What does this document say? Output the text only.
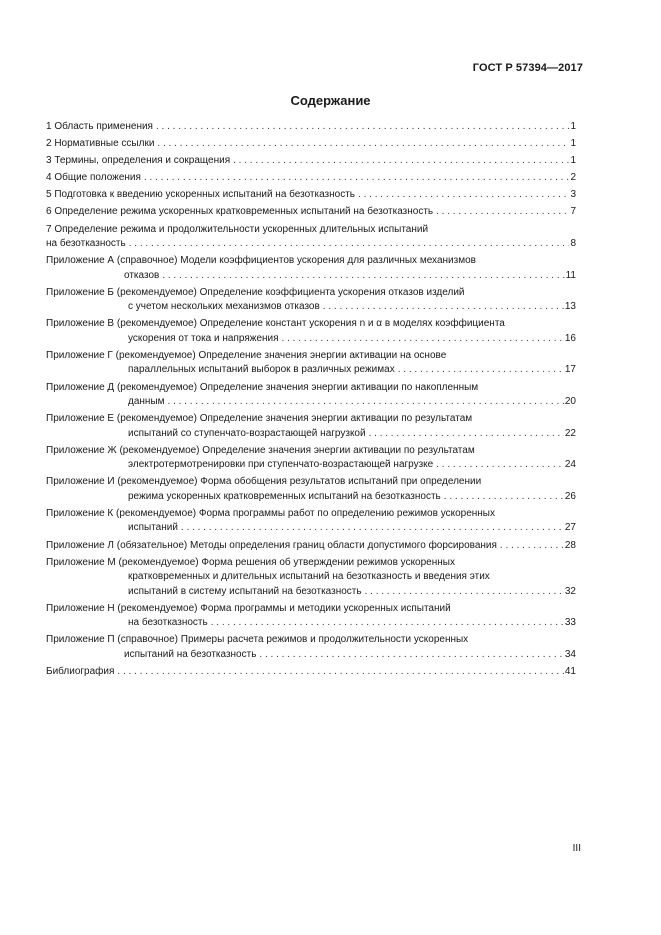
ГОСТ Р 57394—2017
Содержание
1 Область применения . . .	1
2 Нормативные ссылки . . .	1
3 Термины, определения и сокращения . . .	1
4 Общие положения . . .	2
5 Подготовка к введению ускоренных испытаний на безотказность . . .	3
6 Определение режима ускоренных кратковременных испытаний на безотказность . . .	7
7 Определение режима и продолжительности ускоренных длительных испытаний
на безотказность . . .	8
Приложение А (справочное) Модели коэффициентов ускорения для различных механизмов
отказов . . .	11
Приложение Б (рекомендуемое) Определение коэффициента ускорения отказов изделий
с учетом нескольких механизмов отказов . . .	13
Приложение В (рекомендуемое) Определение констант ускорения n и α в моделях коэффициента
ускорения от тока и напряжения . . .	16
Приложение Г (рекомендуемое) Определение значения энергии активации на основе
параллельных испытаний выборок в различных режимах . . .	17
Приложение Д (рекомендуемое) Определение значения энергии активации по накопленным
данным . . .	20
Приложение Е (рекомендуемое) Определение значения энергии активации по результатам
испытаний со ступенчато-возрастающей нагрузкой . . .	22
Приложение Ж (рекомендуемое) Определение значения энергии активации по результатам
электротермотренировки при ступенчато-возрастающей нагрузке . . .	24
Приложение И (рекомендуемое) Форма обобщения результатов испытаний при определении
режима ускоренных кратковременных испытаний на безотказность . . .	26
Приложение К (рекомендуемое) Форма программы работ по определению режимов ускоренных
испытаний . . .	27
Приложение Л (обязательное) Методы определения границ области допустимого форсирования . . .	28
Приложение М (рекомендуемое) Форма решения об утверждении режимов ускоренных
кратковременных и длительных испытаний на безотказность и введения этих
испытаний в систему испытаний на безотказность . . .	32
Приложение Н (рекомендуемое) Форма программы и методики ускоренных испытаний
на безотказность . . .	33
Приложение П (справочное) Примеры расчета режимов и продолжительности ускоренных
испытаний на безотказность . . .	34
Библиография . . .	41
III
